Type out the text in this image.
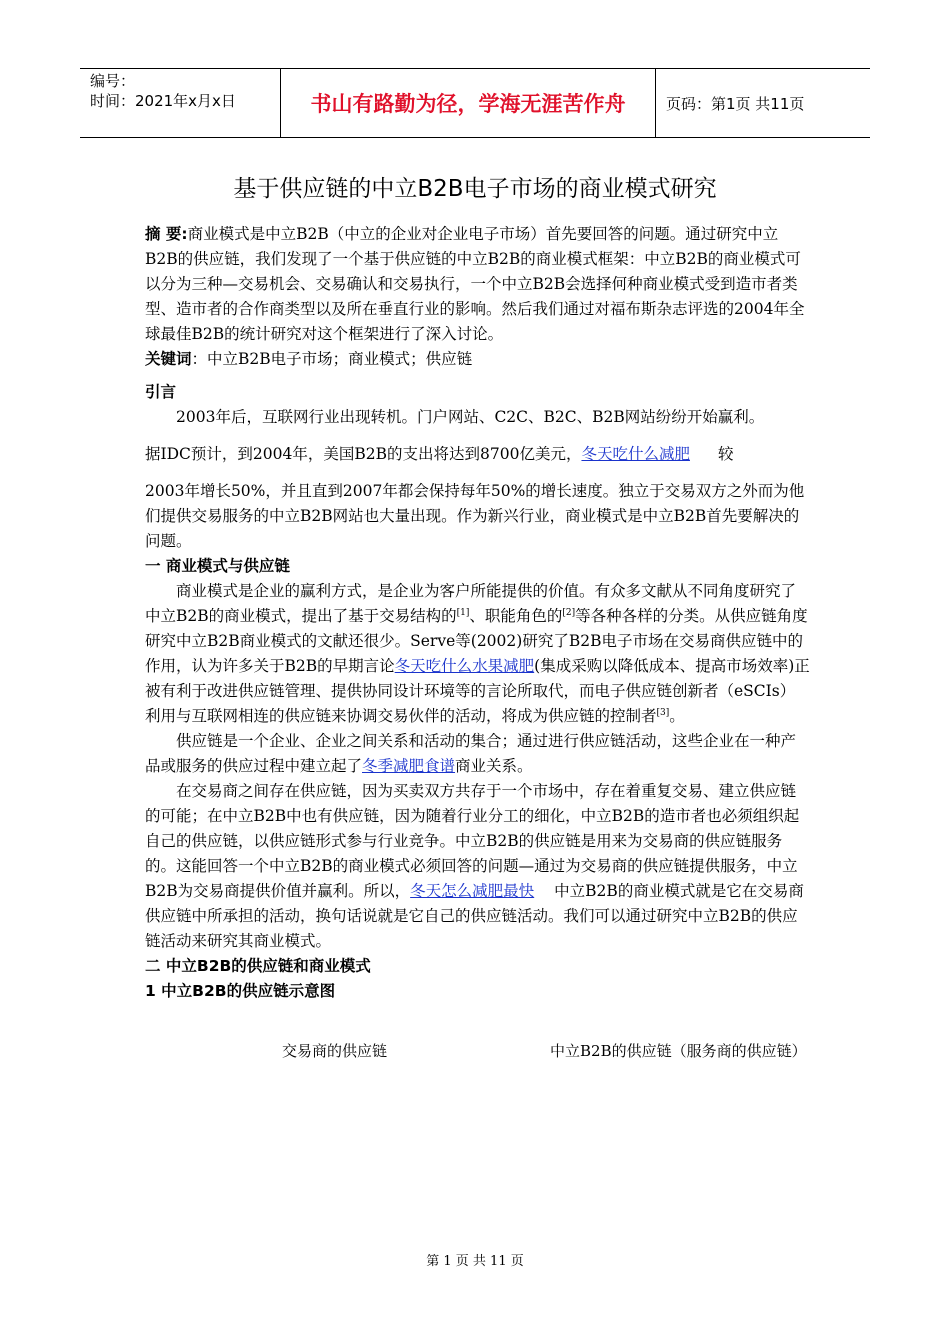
编号：
时间：2021年x月x日	书山有路勤为径，学海无涯苦作舟	页码：第1页 共11页
基于供应链的中立B2B电子市场的商业模式研究

摘 要:商业模式是中立B2B（中立的企业对企业电子市场）首先要回答的问题。通过研究中立B2B的供应链，我们发现了一个基于供应链的中立B2B的商业模式框架：中立B2B的商业模式可以分为三种—交易机会、交易确认和交易执行，一个中立B2B会选择何种商业模式受到造市者类型、造市者的合作商类型以及所在垂直行业的影响。然后我们通过对福布斯杂志评选的2004年全球最佳B2B的统计研究对这个框架进行了深入讨论。

关键词：中立B2B电子市场；商业模式；供应链

引言

2003年后，互联网行业出现转机。门户网站、C2C、B2C、B2B网站纷纷开始赢利。

据IDC预计，到2004年，美国B2B的支出将达到8700亿美元，冬天吃什么减肥 较

2003年增长50%，并且直到2007年都会保持每年50%的增长速度。独立于交易双方之外而为他们提供交易服务的中立B2B网站也大量出现。作为新兴行业，商业模式是中立B2B首先要解决的问题。

一 商业模式与供应链

商业模式是企业的赢利方式，是企业为客户所能提供的价值。有众多文献从不同角度研究了中立B2B的商业模式，提出了基于交易结构的[1]、职能角色的[2]等各种各样的分类。从供应链角度研究中立B2B商业模式的文献还很少。Serve等(2002)研究了B2B电子市场在交易商供应链中的作用，认为许多关于B2B的早期言论冬天吃什么水果减肥(集成采购以降低成本、提高市场效率)正被有利于改进供应链管理、提供协同设计环境等的言论所取代，而电子供应链创新者（eSCIs）利用与互联网相连的供应链来协调交易伙伴的活动，将成为供应链的控制者[3]。

供应链是一个企业、企业之间关系和活动的集合；通过进行供应链活动，这些企业在一种产品或服务的供应过程中建立起了冬季减肥食谱商业关系。

在交易商之间存在供应链，因为买卖双方共存于一个市场中，存在着重复交易、建立供应链的可能；在中立B2B中也有供应链，因为随着行业分工的细化，中立B2B的造市者也必须组织起自己的供应链，以供应链形式参与行业竞争。中立B2B的供应链是用来为交易商的供应链服务的。这能回答一个中立B2B的商业模式必须回答的问题—通过为交易商的供应链提供服务，中立B2B为交易商提供价值并赢利。所以，冬天怎么减肥最快 中立B2B的商业模式就是它在交易商供应链中所承担的活动，换句话说就是它自己的供应链活动。我们可以通过研究中立B2B的供应链活动来研究其商业模式。

二 中立B2B的供应链和商业模式

1 中立B2B的供应链示意图

交易商的供应链	中立B2B的供应链（服务商的供应链）
第 1 页 共 11 页
